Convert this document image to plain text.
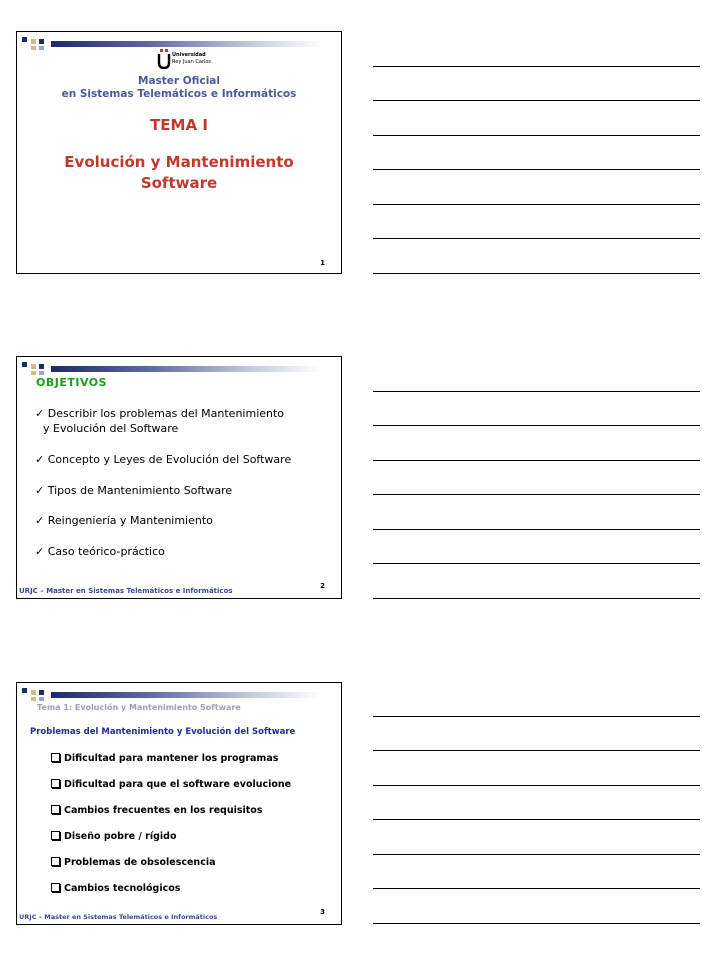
Universidad
Rey Juan Carlos
Master Oficial
en Sistemas Telemáticos e Informáticos
TEMA I
Evolución y Mantenimiento
Software
1
OBJETIVOS
✓ Describir los problemas del Mantenimiento
y Evolución del Software
✓ Concepto y Leyes de Evolución del Software
✓ Tipos de Mantenimiento Software
✓ Reingeniería y Mantenimiento
✓ Caso teórico-práctico
URJC – Master en Sistemas Telemáticos e Informáticos
2
Tema 1: Evolución y Mantenimiento Software
Problemas del Mantenimiento y Evolución del Software
Dificultad para mantener los programas
Dificultad para que el software evolucione
Cambios frecuentes en los requisitos
Diseño pobre / rígido
Problemas de obsolescencia
Cambios tecnológicos
URJC – Master en Sistemas Telemáticos e Informáticos
3
